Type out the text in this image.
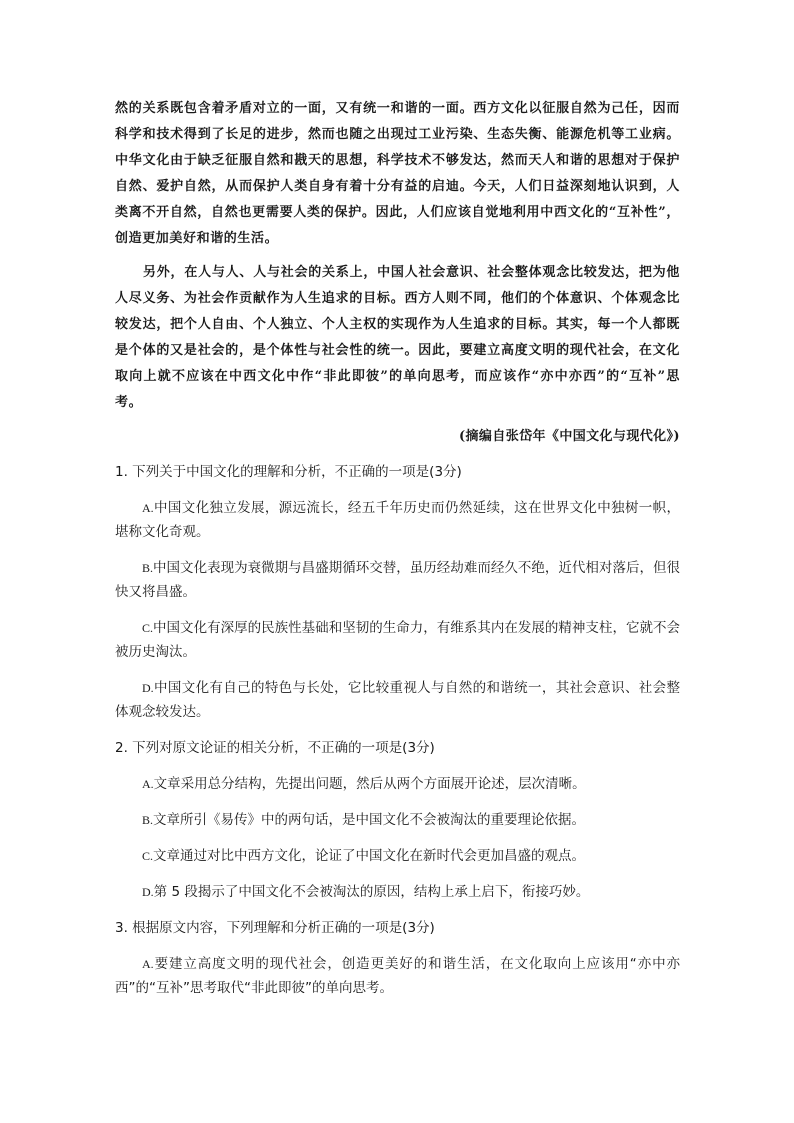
然的关系既包含着矛盾对立的一面，又有统一和谐的一面。西方文化以征服自然为己任，因而科学和技术得到了长足的进步，然而也随之出现过工业污染、生态失衡、能源危机等工业病。中华文化由于缺乏征服自然和戡天的思想，科学技术不够发达，然而天人和谐的思想对于保护自然、爱护自然，从而保护人类自身有着十分有益的启迪。今天，人们日益深刻地认识到，人类离不开自然，自然也更需要人类的保护。因此，人们应该自觉地利用中西文化的“互补性”，创造更加美好和谐的生活。

另外，在人与人、人与社会的关系上，中国人社会意识、社会整体观念比较发达，把为他人尽义务、为社会作贡献作为人生追求的目标。西方人则不同，他们的个体意识、个体观念比较发达，把个人自由、个人独立、个人主权的实现作为人生追求的目标。其实，每一个人都既是个体的又是社会的，是个体性与社会性的统一。因此，要建立高度文明的现代社会，在文化取向上就不应该在中西文化中作“非此即彼”的单向思考，而应该作“亦中亦西”的“互补”思考。

(摘编自张岱年《中国文化与现代化》)
1. 下列关于中国文化的理解和分析，不正确的一项是(3分)
A.中国文化独立发展，源远流长，经五千年历史而仍然延续，这在世界文化中独树一帜，堪称文化奇观。
B.中国文化表现为衰微期与昌盛期循环交替，虽历经劫难而经久不绝，近代相对落后，但很快又将昌盛。
C.中国文化有深厚的民族性基础和坚韧的生命力，有维系其内在发展的精神支柱，它就不会被历史淘汰。
D.中国文化有自己的特色与长处，它比较重视人与自然的和谐统一，其社会意识、社会整体观念较发达。
2. 下列对原文论证的相关分析，不正确的一项是(3分)
A.文章采用总分结构，先提出问题，然后从两个方面展开论述，层次清晰。
B.文章所引《易传》中的两句话，是中国文化不会被淘汰的重要理论依据。
C.文章通过对比中西方文化，论证了中国文化在新时代会更加昌盛的观点。
D.第 5 段揭示了中国文化不会被淘汰的原因，结构上承上启下，衔接巧妙。
3. 根据原文内容，下列理解和分析正确的一项是(3分)
A.要建立高度文明的现代社会，创造更美好的和谐生活，在文化取向上应该用“亦中亦西”的“互补”思考取代“非此即彼”的单向思考。
